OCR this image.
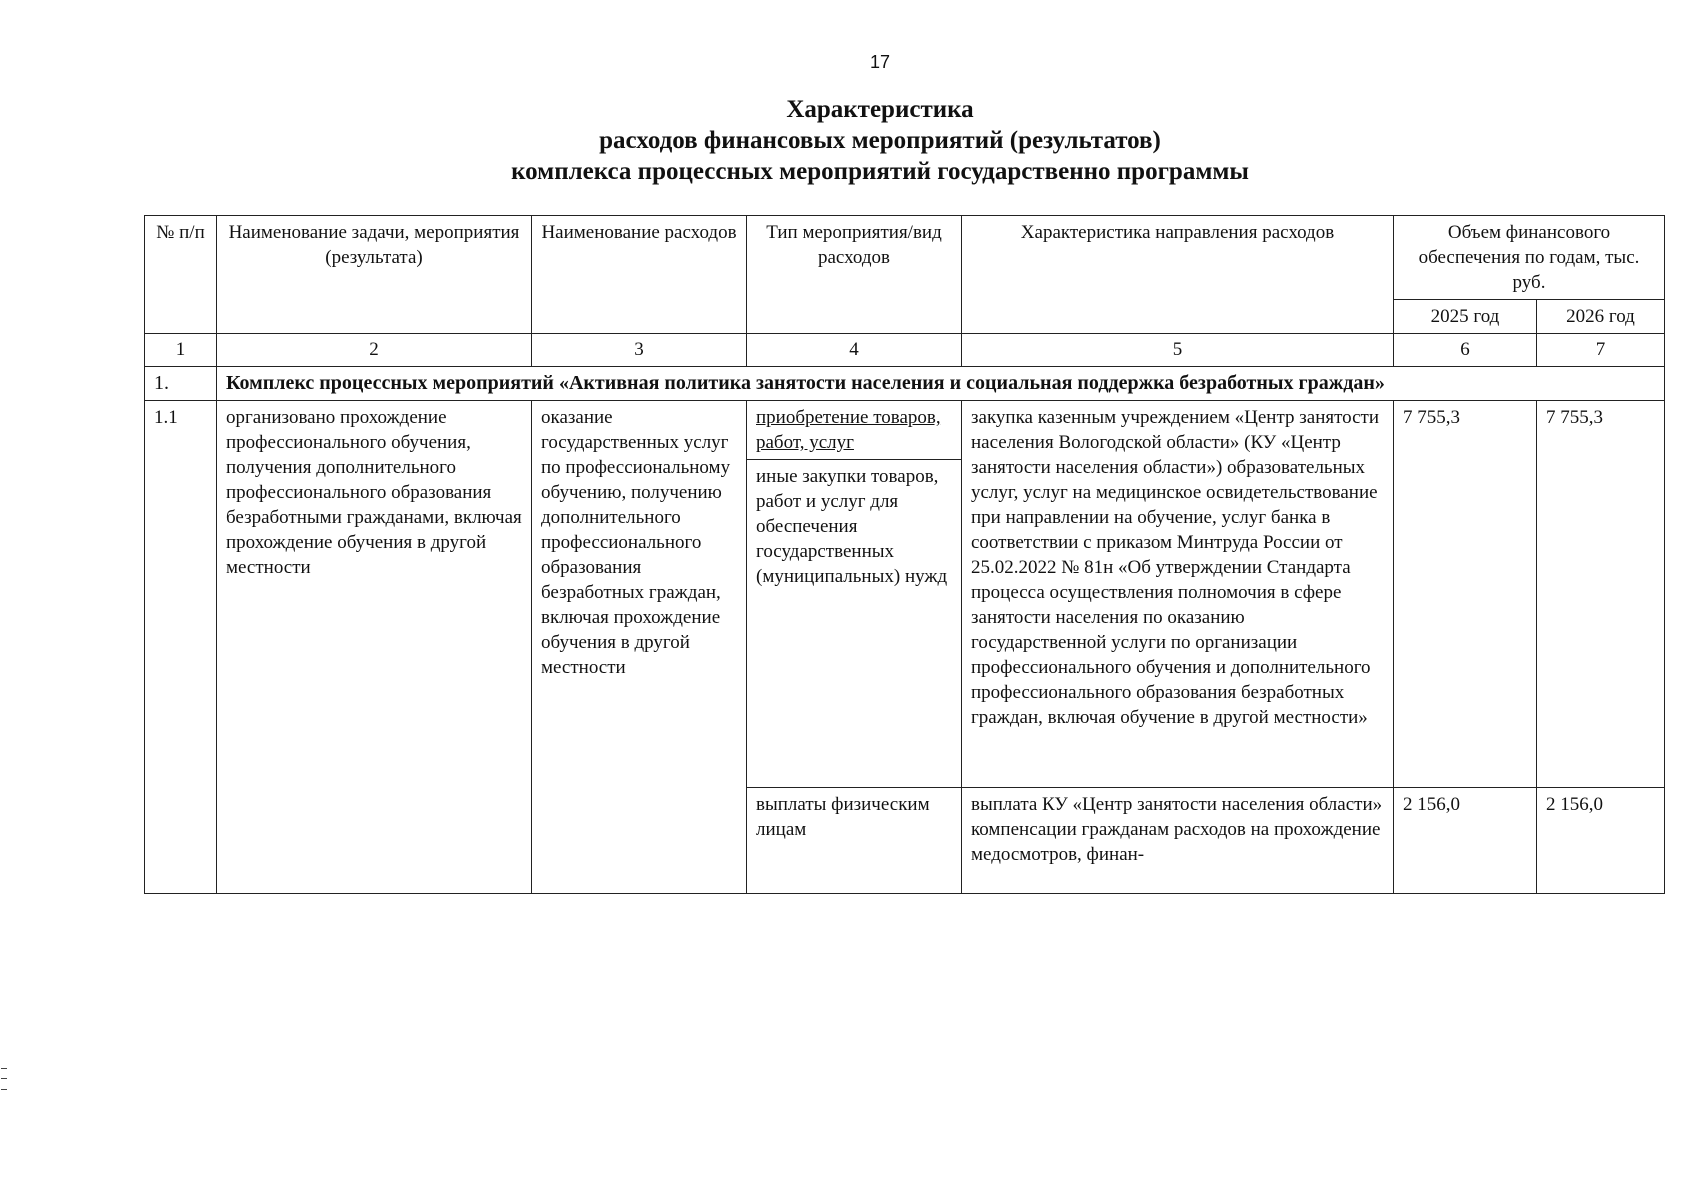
17
Характеристика
расходов финансовых мероприятий (результатов)
комплекса процессных мероприятий государственно программы
№ п/п	Наименование задачи, мероприятия (результата)	Наименование расходов	Тип мероприятия/вид расходов	Характеристика направления расходов	Объем финансового обеспечения по годам, тыс. руб.	
					2025 год	2026 год
1	2	3	4	5	6	7
1.	Комплекс процессных мероприятий «Активная политика занятости населения и социальная поддержка безработных граждан»					
1.1	организовано прохождение профессионального обучения, получения дополнительного профессионального образования безработными гражданами, включая прохождение обучения в другой местности	оказание государственных услуг по профессиональному обучению, получению дополнительного профессионального образования безработных граждан, включая прохождение обучения в другой местности	приобретение товаров, работ, услуг	закупка казенным учреждением «Центр занятости населения Вологодской области» (КУ «Центр занятости населения области») образовательных услуг, услуг на медицинское освидетельствование при направлении на обучение, услуг банка в соответствии с приказом Минтруда России от 25.02.2022 № 81н «Об утверждении Стандарта процесса осуществления полномочия в сфере занятости населения по оказанию государственной услуги по организации профессионального обучения и дополнительного профессионального образования безработных граждан, включая обучение в другой местности»	7 755,3	7 755,3
			иные закупки товаров, работ и услуг для обеспечения государственных (муниципальных) нужд			
			выплаты физическим лицам	выплата КУ «Центр занятости населения области» компенсации гражданам расходов на прохождение медосмотров, финан-	2 156,0	2 156,0
